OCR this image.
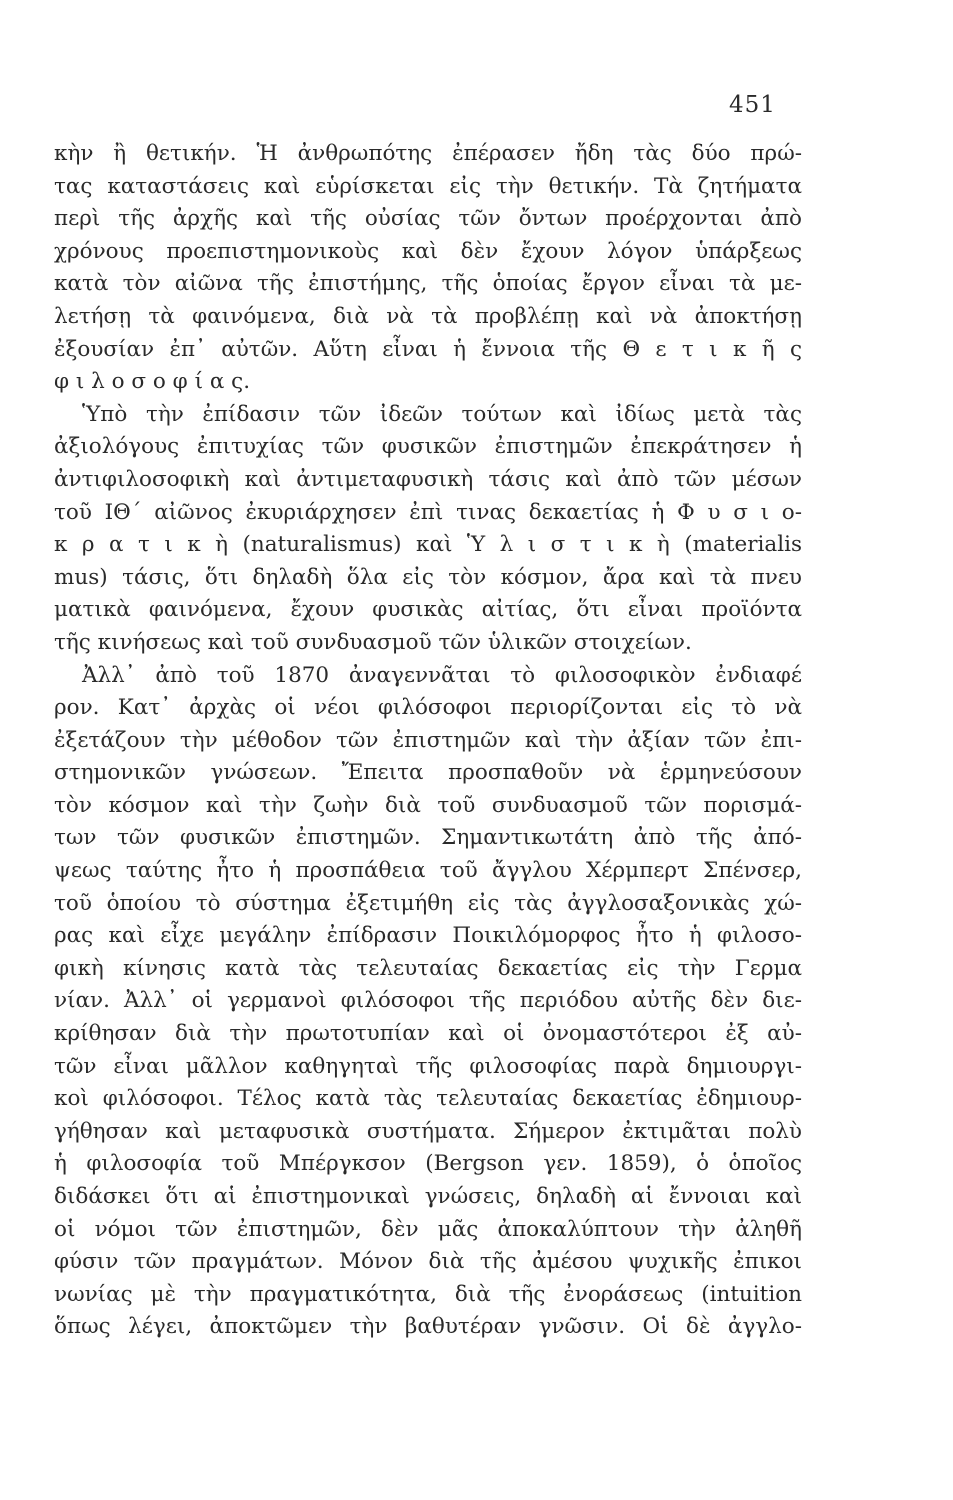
451
κὴν ἢ θετικήν. Ἡ ἀνθρωπότης ἐπέρασεν ἤδη τὰς δύο πρώ-
τας καταστάσεις καὶ εὑρίσκεται εἰς τὴν θετικήν. Τὰ ζητήματα
περὶ τῆς ἀρχῆς καὶ τῆς οὐσίας τῶν ὄντων προέρχονται ἀπὸ
χρόνους προεπιστημονικοὺς καὶ δὲν ἔχουν λόγον ὑπάρξεως
κατὰ τὸν αἰῶνα τῆς ἐπιστήμης, τῆς ὁποίας ἔργον εἶναι τὰ με-
λετήσῃ τὰ φαινόμενα, διὰ νὰ τὰ προβλέπῃ καὶ νὰ ἀποκτήσῃ
ἐξουσίαν ἐπ᾽ αὐτῶν. Αὕτη εἶναι ἡ ἔννοια τῆς Θ ε τ ι κ ῆ ς
φ ι λ ο σ ο φ ί α ς.
Ὑπὸ τὴν ἐπίδασιν τῶν ἰδεῶν τούτων καὶ ἰδίως μετὰ τὰς
ἀξιολόγους ἐπιτυχίας τῶν φυσικῶν ἐπιστημῶν ἐπεκράτησεν ἡ
ἀντιφιλοσοφικὴ καὶ ἀντιμεταφυσικὴ τάσις καὶ ἀπὸ τῶν μέσων
τοῦ ΙΘ´ αἰῶνος ἐκυριάρχησεν ἐπὶ τινας δεκαετίας ἡ Φ υ σ ι ο-
κ ρ α τ ι κ ὴ (naturalismus) καὶ Ὑ λ ι σ τ ι κ ὴ (materialis
mus) τάσις, ὅτι δηλαδὴ ὅλα εἰς τὸν κόσμον, ἄρα καὶ τὰ πνευ
ματικὰ φαινόμενα, ἔχουν φυσικὰς αἰτίας, ὅτι εἶναι προϊόντα
τῆς κινήσεως καὶ τοῦ συνδυασμοῦ τῶν ὑλικῶν στοιχείων.
Ἀλλ᾽ ἀπὸ τοῦ 1870 ἀναγεννᾶται τὸ φιλοσοφικὸν ἐνδιαφέ
ρον. Κατ᾽ ἀρχὰς οἱ νέοι φιλόσοφοι περιορίζονται εἰς τὸ νὰ
ἐξετάζουν τὴν μέθοδον τῶν ἐπιστημῶν καὶ τὴν ἀξίαν τῶν ἐπι-
στημονικῶν γνώσεων. Ἔπειτα προσπαθοῦν νὰ ἑρμηνεύσουν
τὸν κόσμον καὶ τὴν ζωὴν διὰ τοῦ συνδυασμοῦ τῶν πορισμά-
των τῶν φυσικῶν ἐπιστημῶν. Σημαντικωτάτη ἀπὸ τῆς ἀπό-
ψεως ταύτης ἦτο ἡ προσπάθεια τοῦ ἄγγλου Χέρμπερτ Σπένσερ,
τοῦ ὁποίου τὸ σύστημα ἐξετιμήθη εἰς τὰς ἀγγλοσαξονικὰς χώ-
ρας καὶ εἶχε μεγάλην ἐπίδρασιν Ποικιλόμορφος ἦτο ἡ φιλοσο-
φικὴ κίνησις κατὰ τὰς τελευταίας δεκαετίας εἰς τὴν Γερμα
νίαν. Ἀλλ᾽ οἱ γερμανοὶ φιλόσοφοι τῆς περιόδου αὐτῆς δὲν διε-
κρίθησαν διὰ τὴν πρωτοτυπίαν καὶ οἱ ὀνομαστότεροι ἐξ αὐ-
τῶν εἶναι μᾶλλον καθηγηταὶ τῆς φιλοσοφίας παρὰ δημιουργι-
κοὶ φιλόσοφοι. Τέλος κατὰ τὰς τελευταίας δεκαετίας ἐδημιουρ-
γήθησαν καὶ μεταφυσικὰ συστήματα. Σήμερον ἐκτιμᾶται πολὺ
ἡ φιλοσοφία τοῦ Μπέργκσον (Bergson γεν. 1859), ὁ ὁποῖος
διδάσκει ὅτι αἱ ἐπιστημονικαὶ γνώσεις, δηλαδὴ αἱ ἔννοιαι καὶ
οἱ νόμοι τῶν ἐπιστημῶν, δὲν μᾶς ἀποκαλύπτουν τὴν ἀληθῆ
φύσιν τῶν πραγμάτων. Μόνον διὰ τῆς ἀμέσου ψυχικῆς ἐπικοι
νωνίας μὲ τὴν πραγματικότητα, διὰ τῆς ἐνοράσεως (intuition
ὅπως λέγει, ἀποκτῶμεν τὴν βαθυτέραν γνῶσιν. Οἱ δὲ ἀγγλο-
